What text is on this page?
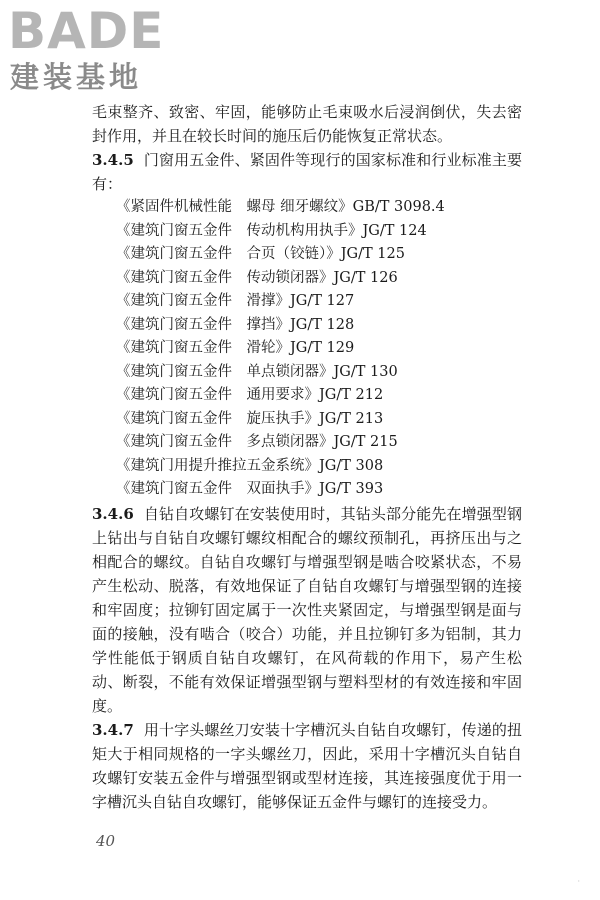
BADE
建装基地

毛束整齐、致密、牢固，能够防止毛束吸水后浸润倒伏，失去密封作用，并且在较长时间的施压后仍能恢复正常状态。

3.4.5 门窗用五金件、紧固件等现行的国家标准和行业标准主要有：

《紧固件机械性能　螺母 细牙螺纹》GB/T 3098.4
《建筑门窗五金件　传动机构用执手》JG/T 124
《建筑门窗五金件　合页（铰链）》JG/T 125
《建筑门窗五金件　传动锁闭器》JG/T 126
《建筑门窗五金件　滑撑》JG/T 127
《建筑门窗五金件　撑挡》JG/T 128
《建筑门窗五金件　滑轮》JG/T 129
《建筑门窗五金件　单点锁闭器》JG/T 130
《建筑门窗五金件　通用要求》JG/T 212
《建筑门窗五金件　旋压执手》JG/T 213
《建筑门窗五金件　多点锁闭器》JG/T 215
《建筑门用提升推拉五金系统》JG/T 308
《建筑门窗五金件　双面执手》JG/T 393

3.4.6 自钻自攻螺钉在安装使用时，其钻头部分能先在增强型钢上钻出与自钻自攻螺钉螺纹相配合的螺纹预制孔，再挤压出与之相配合的螺纹。自钻自攻螺钉与增强型钢是啮合咬紧状态，不易产生松动、脱落，有效地保证了自钻自攻螺钉与增强型钢的连接和牢固度；拉铆钉固定属于一次性夹紧固定，与增强型钢是面与面的接触，没有啮合（咬合）功能，并且拉铆钉多为铝制，其力学性能低于钢质自钻自攻螺钉，在风荷载的作用下，易产生松动、断裂，不能有效保证增强型钢与塑料型材的有效连接和牢固度。

3.4.7 用十字头螺丝刀安装十字槽沉头自钻自攻螺钉，传递的扭矩大于相同规格的一字头螺丝刀，因此，采用十字槽沉头自钻自攻螺钉安装五金件与增强型钢或型材连接，其连接强度优于用一字槽沉头自钻自攻螺钉，能够保证五金件与螺钉的连接受力。

40
·
